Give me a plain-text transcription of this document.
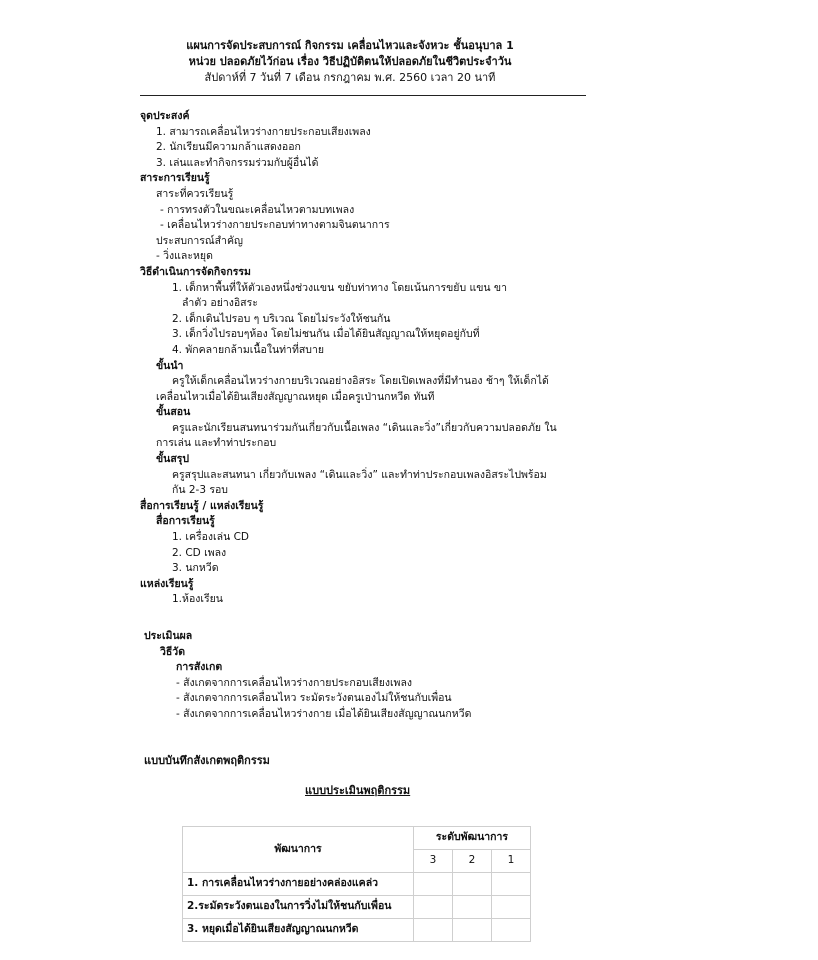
แผนการจัดประสบการณ์ กิจกรรม เคลื่อนไหวและจังหวะ ชั้นอนุบาล 1
หน่วย ปลอดภัยไว้ก่อน เรื่อง วิธีปฏิบัติตนให้ปลอดภัยในชีวิตประจำวัน
สัปดาห์ที่ 7 วันที่ 7 เดือน กรกฎาคม พ.ศ. 2560 เวลา 20 นาที
จุดประสงค์
1. สามารถเคลื่อนไหวร่างกายประกอบเสียงเพลง
2. นักเรียนมีความกล้าแสดงออก
3. เล่นและทำกิจกรรมร่วมกับผู้อื่นได้
สาระการเรียนรู้
สาระที่ควรเรียนรู้
- การทรงตัวในขณะเคลื่อนไหวตามบทเพลง
- เคลื่อนไหวร่างกายประกอบท่าทางตามจินตนาการ
ประสบการณ์สำคัญ
- วิ่งและหยุด
วิธีดำเนินการจัดกิจกรรม
1. เด็กหาพื้นที่ให้ตัวเองหนึ่งช่วงแขน ขยับท่าทาง โดยเน้นการขยับ แขน ขา
ลำตัว อย่างอิสระ
2. เด็กเดินไปรอบ ๆ บริเวณ โดยไม่ระวังให้ชนกัน
3. เด็กวิ่งไปรอบๆห้อง โดยไม่ชนกัน เมื่อได้ยินสัญญาณให้หยุดอยู่กับที่
4. พักคลายกล้ามเนื้อในท่าที่สบาย
ขั้นนำ
ครูให้เด็กเคลื่อนไหวร่างกายบริเวณอย่างอิสระ โดยเปิดเพลงที่มีทำนอง ช้าๆ ให้เด็กได้
เคลื่อนไหวเมื่อได้ยินเสียงสัญญาณหยุด เมื่อครูเป่านกหวีด ทันที
ขั้นสอน
ครูและนักเรียนสนทนาร่วมกันเกี่ยวกับเนื้อเพลง “เดินและวิ่ง”เกี่ยวกับความปลอดภัย ใน
การเล่น และทำท่าประกอบ
ขั้นสรุป
ครูสรุปและสนทนา เกี่ยวกับเพลง “เดินและวิ่ง” และทำท่าประกอบเพลงอิสระไปพร้อม
กัน 2-3 รอบ
สื่อการเรียนรู้ / แหล่งเรียนรู้
สื่อการเรียนรู้
1. เครื่องเล่น CD
2. CD เพลง
3. นกหวีด
แหล่งเรียนรู้
1.ห้องเรียน
ประเมินผล
วิธีวัด
การสังเกต
- สังเกตจากการเคลื่อนไหวร่างกายประกอบเสียงเพลง
- สังเกตจากการเคลื่อนไหว ระมัดระวังตนเองไม่ให้ชนกับเพื่อน
- สังเกตจากการเคลื่อนไหวร่างกาย เมื่อได้ยินเสียงสัญญาณนกหวีด
แบบบันทึกสังเกตพฤติกรรม
แบบประเมินพฤติกรรม
พัฒนาการ	ระดับพัฒนาการ		
	3	2	1
1. การเคลื่อนไหวร่างกายอย่างคล่องแคล่ว			
2.ระมัดระวังตนเองในการวิ่งไม่ให้ชนกับเพื่อน			
3. หยุดเมื่อได้ยินเสียงสัญญาณนกหวีด			
